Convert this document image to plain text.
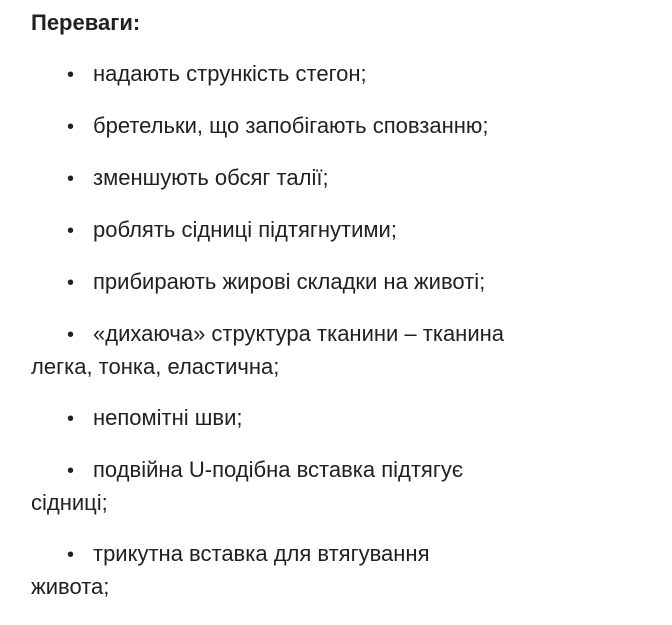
Переваги:
• надають стрункість стегон;
• бретельки, що запобігають сповзанню;
• зменшують обсяг талії;
• роблять сідниці підтягнутими;
• прибирають жирові складки на животі;
• «дихаюча» структура тканини – тканина
легка, тонка, еластична;
• непомітні шви;
• подвійна U-подібна вставка підтягує
сідниці;
• трикутна вставка для втягування
живота;
